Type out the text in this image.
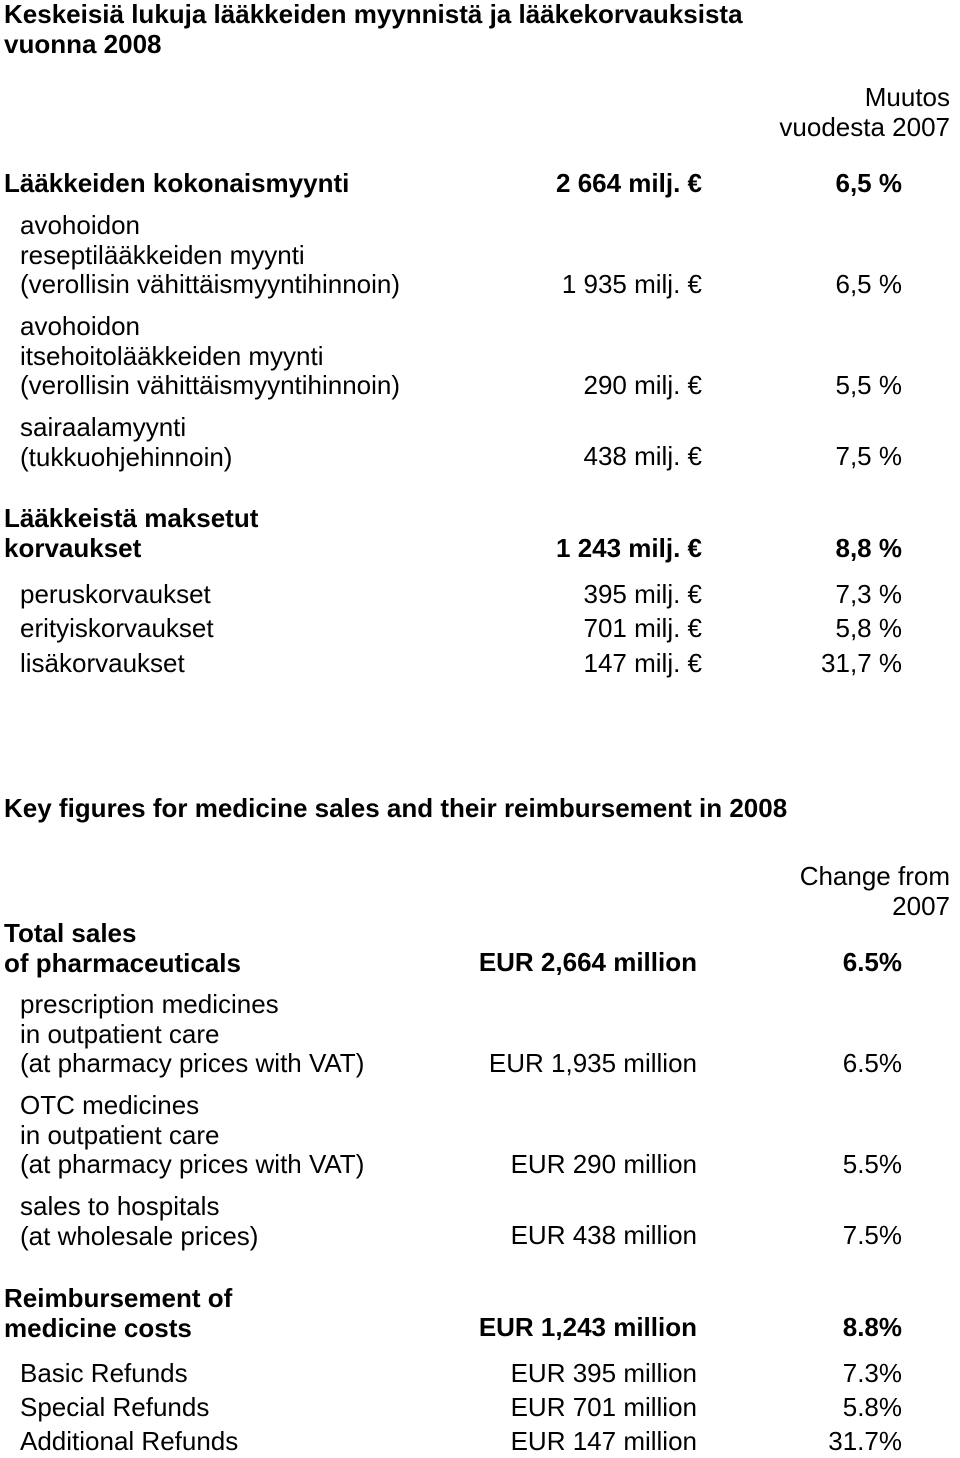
Keskeisiä lukuja lääkkeiden myynnistä ja lääkekorvauksista
vuonna 2008
Muutos
vuodesta 2007
Lääkkeiden kokonaismyynti	2 664 milj. €	6,5 %
avohoidon
reseptilääkkeiden myynti
(verollisin vähittäismyyntihinnoin)	1 935 milj. €	6,5 %
avohoidon
itsehoitolääkkeiden myynti
(verollisin vähittäismyyntihinnoin)	290 milj. €	5,5 %
sairaalamyynti
(tukkuohjehinnoin)	438 milj. €	7,5 %
Lääkkeistä maksetut
korvaukset	1 243 milj. €	8,8 %
peruskorvaukset	395 milj. €	7,3 %
erityiskorvaukset	701 milj. €	5,8 %
lisäkorvaukset	147 milj. €	31,7 %
Key figures for medicine sales and their reimbursement in 2008
Change from
2007
Total sales
of pharmaceuticals	EUR 2,664 million	6.5%
prescription medicines
in outpatient care
(at pharmacy prices with VAT)	EUR 1,935 million	6.5%
OTC medicines
in outpatient care
(at pharmacy prices with VAT)	EUR 290 million	5.5%
sales to hospitals
(at wholesale prices)	EUR 438 million	7.5%
Reimbursement of
medicine costs	EUR 1,243 million	8.8%
Basic Refunds	EUR 395 million	7.3%
Special Refunds	EUR 701 million	5.8%
Additional Refunds	EUR 147 million	31.7%
